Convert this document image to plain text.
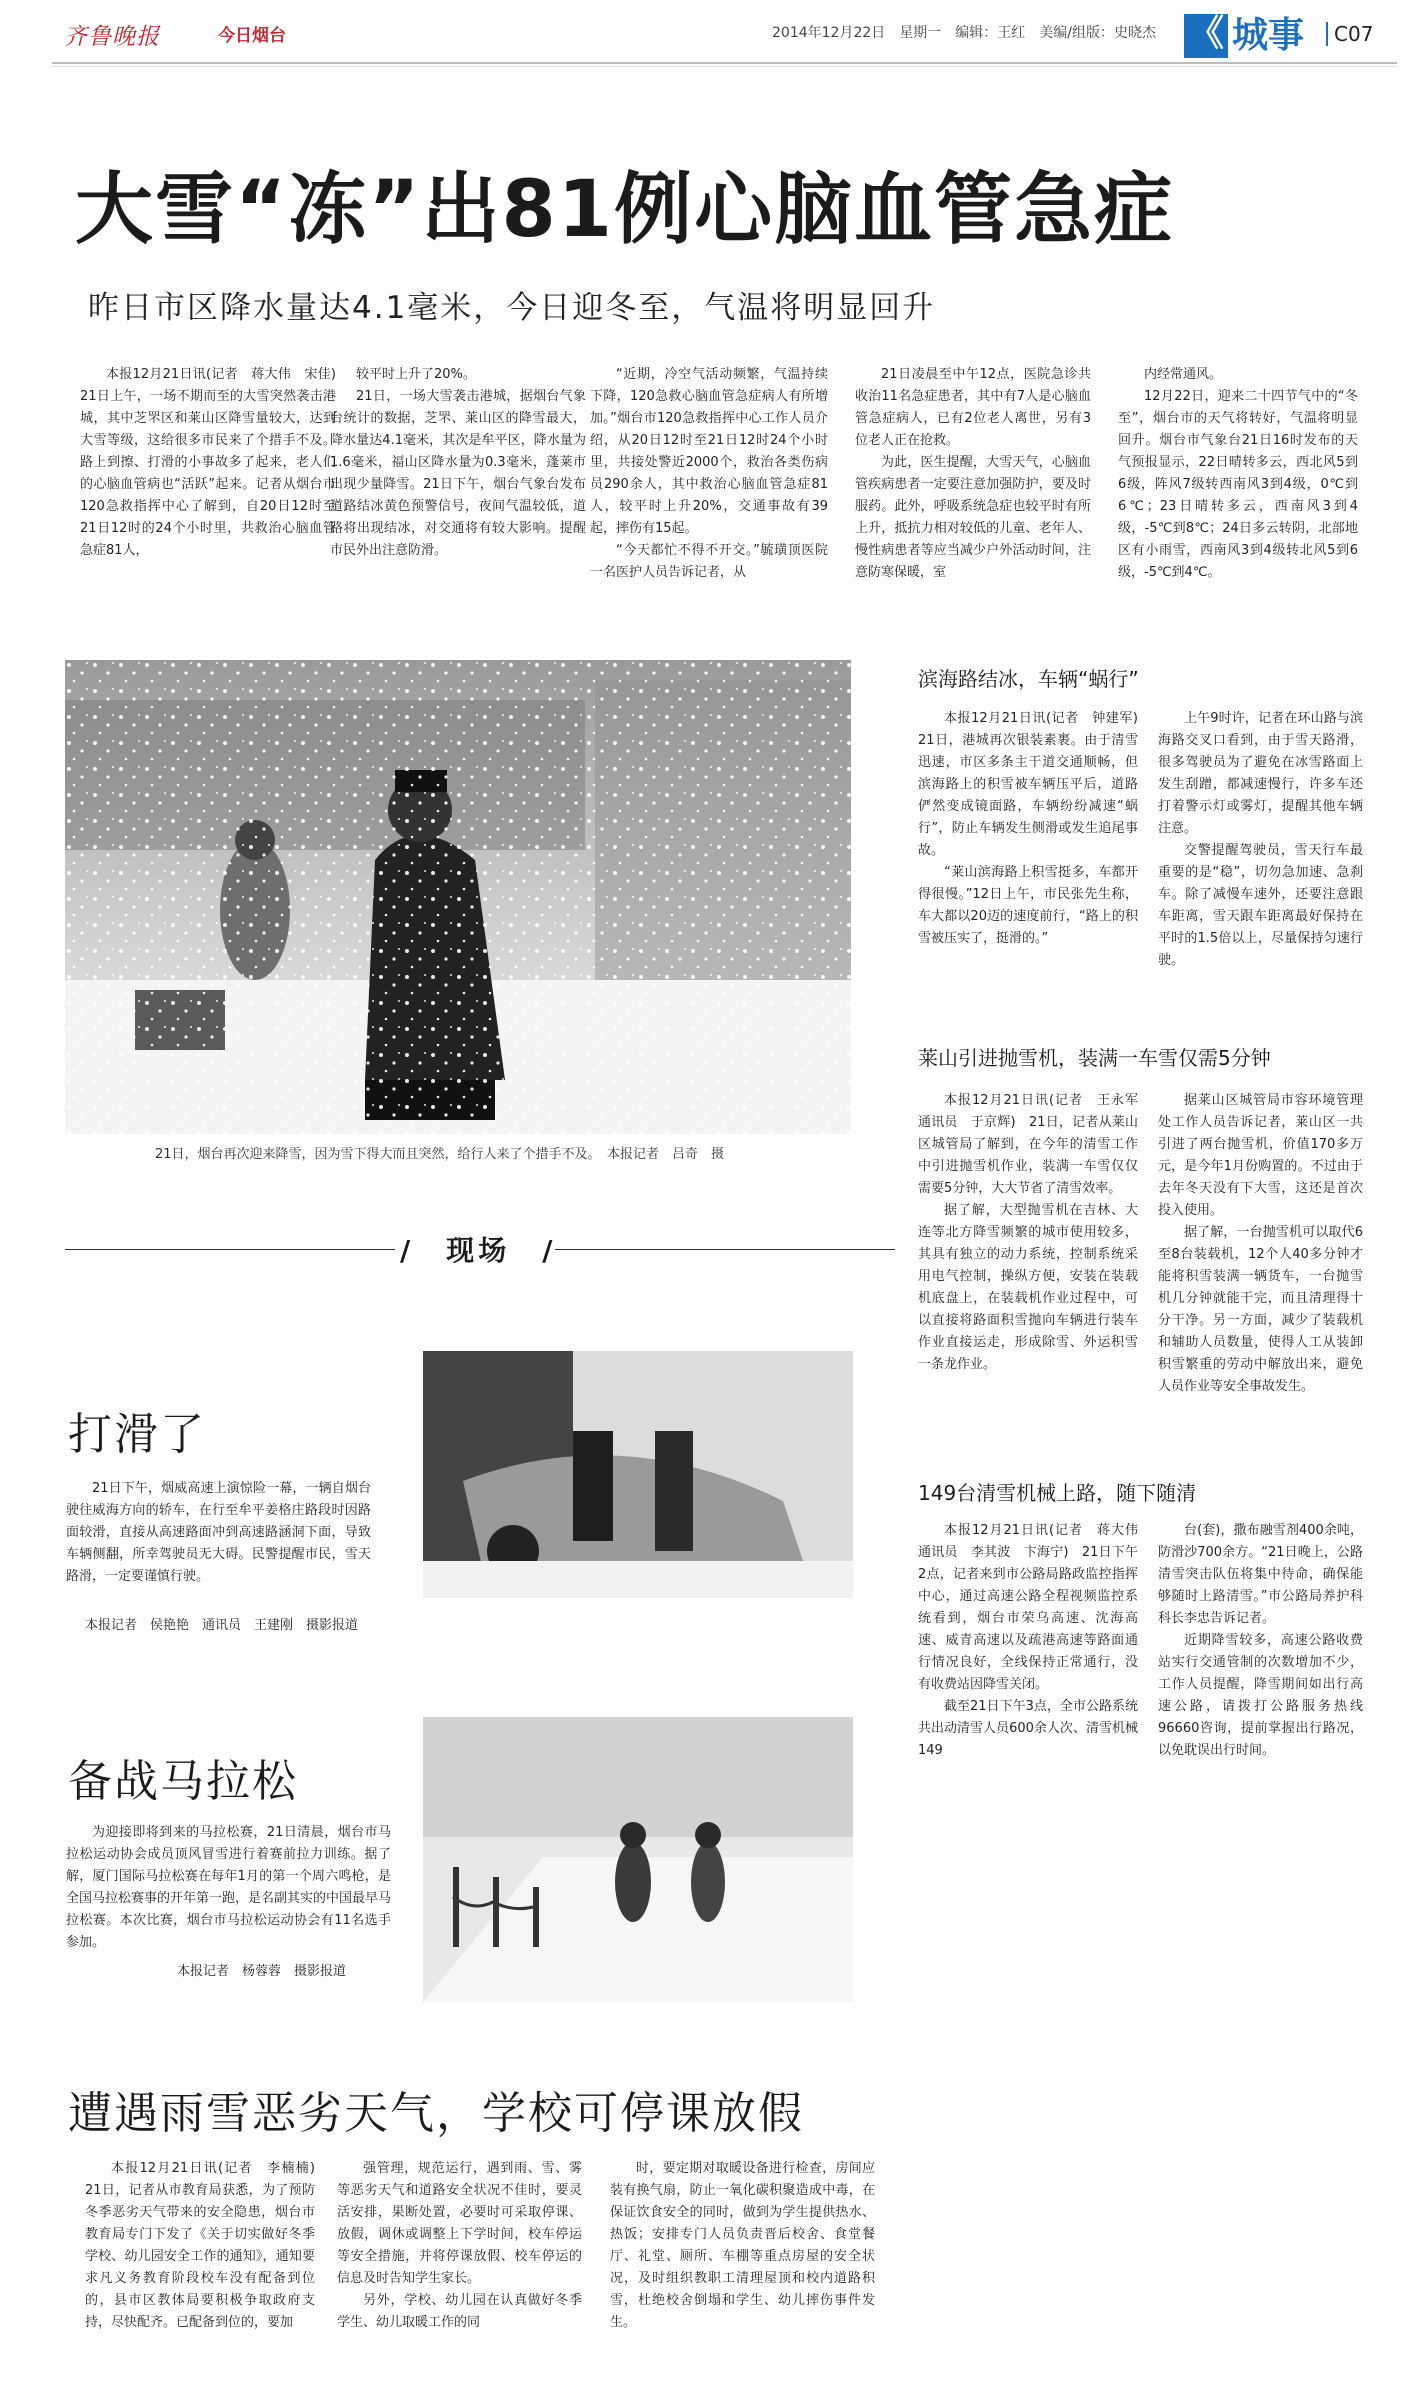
齐鲁晚报	今日烟台	2014年12月22日　星期一　编辑：王红　美编/组版：史晓杰 《 城事	C07
大雪“冻”出81例心脑血管急症
昨日市区降水量达4.1毫米，今日迎冬至，气温将明显回升

本报12月21日讯(记者　蒋大伟　宋佳)　21日上午，一场不期而至的大雪突然袭击港城，其中芝罘区和莱山区降雪量较大，达到大雪等级，这给很多市民来了个措手不及。路上到擦、打滑的小事故多了起来，老人们的心脑血管病也“活跃”起来。记者从烟台市120急救指挥中心了解到，自20日12时至21日12时的24个小时里，共救治心脑血管急症81人，

较平时上升了20%。

21日，一场大雪袭击港城，据烟台气象台统计的数据，芝罘、莱山区的降雪最大，降水量达4.1毫米，其次是牟平区，降水量为1.6毫米，福山区降水量为0.3毫米，蓬莱市出现少量降雪。21日下午，烟台气象台发布道路结冰黄色预警信号，夜间气温较低，道路将出现结冰，对交通将有较大影响。提醒市民外出注意防滑。

“近期，冷空气活动频繁，气温持续下降，120急救心脑血管急症病人有所增加。”烟台市120急救指挥中心工作人员介绍，从20日12时至21日12时24个小时里，共接处警近2000个，救治各类伤病员290余人，其中救治心脑血管急症81人，较平时上升20%，交通事故有39起，摔伤有15起。

“今天都忙不得不开交。”毓璜顶医院一名医护人员告诉记者，从

21日凌晨至中午12点，医院急诊共收治11名急症患者，其中有7人是心脑血管急症病人，已有2位老人离世，另有3位老人正在抢救。

为此，医生提醒，大雪天气，心脑血管疾病患者一定要注意加强防护，要及时服药。此外，呼吸系统急症也较平时有所上升，抵抗力相对较低的儿童、老年人、慢性病患者等应当减少户外活动时间，注意防寒保暖，室

内经常通风。

12月22日，迎来二十四节气中的“冬至”，烟台市的天气将转好，气温将明显回升。烟台市气象台21日16时发布的天气预报显示，22日晴转多云，西北风5到6级，阵风7级转西南风3到4级，0℃到6℃；23日晴转多云，西南风3到4级，-5℃到8℃；24日多云转阴，北部地区有小雨雪，西南风3到4级转北风5到6级，-5℃到4℃。

21日，烟台再次迎来降雪，因为雪下得大而且突然，给行人来了个措手不及。　本报记者　吕奇　摄
滨海路结冰，车辆“蜗行”

本报12月21日讯(记者　钟建军)　21日，港城再次银装素裹。由于清雪迅速，市区多条主干道交通顺畅，但滨海路上的积雪被车辆压平后，道路俨然变成镜面路，车辆纷纷减速“蜗行”，防止车辆发生侧滑或发生追尾事故。

“莱山滨海路上积雪挺多，车都开得很慢。”12日上午，市民张先生称，车大都以20迈的速度前行，“路上的积雪被压实了，挺滑的。”

上午9时许，记者在环山路与滨海路交叉口看到，由于雪天路滑，很多驾驶员为了避免在冰雪路面上发生刮蹭，都减速慢行，许多车还打着警示灯或雾灯，提醒其他车辆注意。

交警提醒驾驶员，雪天行车最重要的是“稳”，切勿急加速、急刹车。除了减慢车速外，还要注意跟车距离，雪天跟车距离最好保持在平时的1.5倍以上，尽量保持匀速行驶。

莱山引进抛雪机，装满一车雪仅需5分钟

本报12月21日讯(记者　王永军　通讯员　于京辉)　21日，记者从莱山区城管局了解到，在今年的清雪工作中引进抛雪机作业，装满一车雪仅仅需要5分钟，大大节省了清雪效率。

据了解，大型抛雪机在吉林、大连等北方降雪频繁的城市使用较多，其具有独立的动力系统，控制系统采用电气控制，操纵方便，安装在装载机底盘上，在装载机作业过程中，可以直接将路面积雪抛向车辆进行装车作业直接运走，形成除雪、外运积雪一条龙作业。

据莱山区城管局市容环境管理处工作人员告诉记者，莱山区一共引进了两台抛雪机，价值170多万元，是今年1月份购置的。不过由于去年冬天没有下大雪，这还是首次投入使用。

据了解，一台抛雪机可以取代6至8台装载机，12个人40多分钟才能将积雪装满一辆货车，一台抛雪机几分钟就能干完，而且清理得十分干净。另一方面，减少了装载机和辅助人员数量，使得人工从装卸积雪繁重的劳动中解放出来，避免人员作业等安全事故发生。

149台清雪机械上路，随下随清

本报12月21日讯(记者　蒋大伟　通讯员　李其波　卞海宁)　21日下午2点，记者来到市公路局路政监控指挥中心，通过高速公路全程视频监控系统看到，烟台市荣乌高速、沈海高速、威青高速以及疏港高速等路面通行情况良好，全线保持正常通行，没有收费站因降雪关闭。

截至21日下午3点，全市公路系统共出动清雪人员600余人次、清雪机械149

台(套)，撒布融雪剂400余吨，防滑沙700余方。“21日晚上，公路清雪突击队伍将集中待命，确保能够随时上路清雪。”市公路局养护科科长李忠告诉记者。

近期降雪较多，高速公路收费站实行交通管制的次数增加不少，工作人员提醒，降雪期间如出行高速公路，请拨打公路服务热线96660咨询，提前掌握出行路况，以免耽误出行时间。

/　现场　/
打滑了

21日下午，烟威高速上演惊险一幕，一辆自烟台驶往威海方向的轿车，在行至牟平姜格庄路段时因路面较滑，直接从高速路面冲到高速路涵洞下面，导致车辆侧翻，所幸驾驶员无大碍。民警提醒市民，雪天路滑，一定要谨慎行驶。

本报记者　侯艳艳　通讯员　王建刚　摄影报道
备战马拉松

为迎接即将到来的马拉松赛，21日清晨，烟台市马拉松运动协会成员顶风冒雪进行着赛前拉力训练。据了解，厦门国际马拉松赛在每年1月的第一个周六鸣枪，是全国马拉松赛事的开年第一跑，是名副其实的中国最早马拉松赛。本次比赛，烟台市马拉松运动协会有11名选手参加。

本报记者　杨蓉蓉　摄影报道
遭遇雨雪恶劣天气，学校可停课放假

本报12月21日讯(记者　李楠楠)　21日，记者从市教育局获悉，为了预防冬季恶劣天气带来的安全隐患，烟台市教育局专门下发了《关于切实做好冬季学校、幼儿园安全工作的通知》，通知要求凡义务教育阶段校车没有配备到位的，县市区教体局要积极争取政府支持，尽快配齐。已配备到位的，要加

强管理，规范运行，遇到雨、雪、雾等恶劣天气和道路安全状况不佳时，要灵活安排，果断处置，必要时可采取停课、放假，调休或调整上下学时间，校车停运等安全措施，并将停课放假、校车停运的信息及时告知学生家长。

另外，学校、幼儿园在认真做好冬季学生、幼儿取暖工作的同

时，要定期对取暖设备进行检查，房间应装有换气扇，防止一氧化碳积聚造成中毒，在保证饮食安全的同时，做到为学生提供热水、热饭；安排专门人员负责晋后校舍、食堂餐厅、礼堂、厕所、车棚等重点房屋的安全状况，及时组织教职工清理屋顶和校内道路积雪，杜绝校舍倒塌和学生、幼儿摔伤事件发生。
